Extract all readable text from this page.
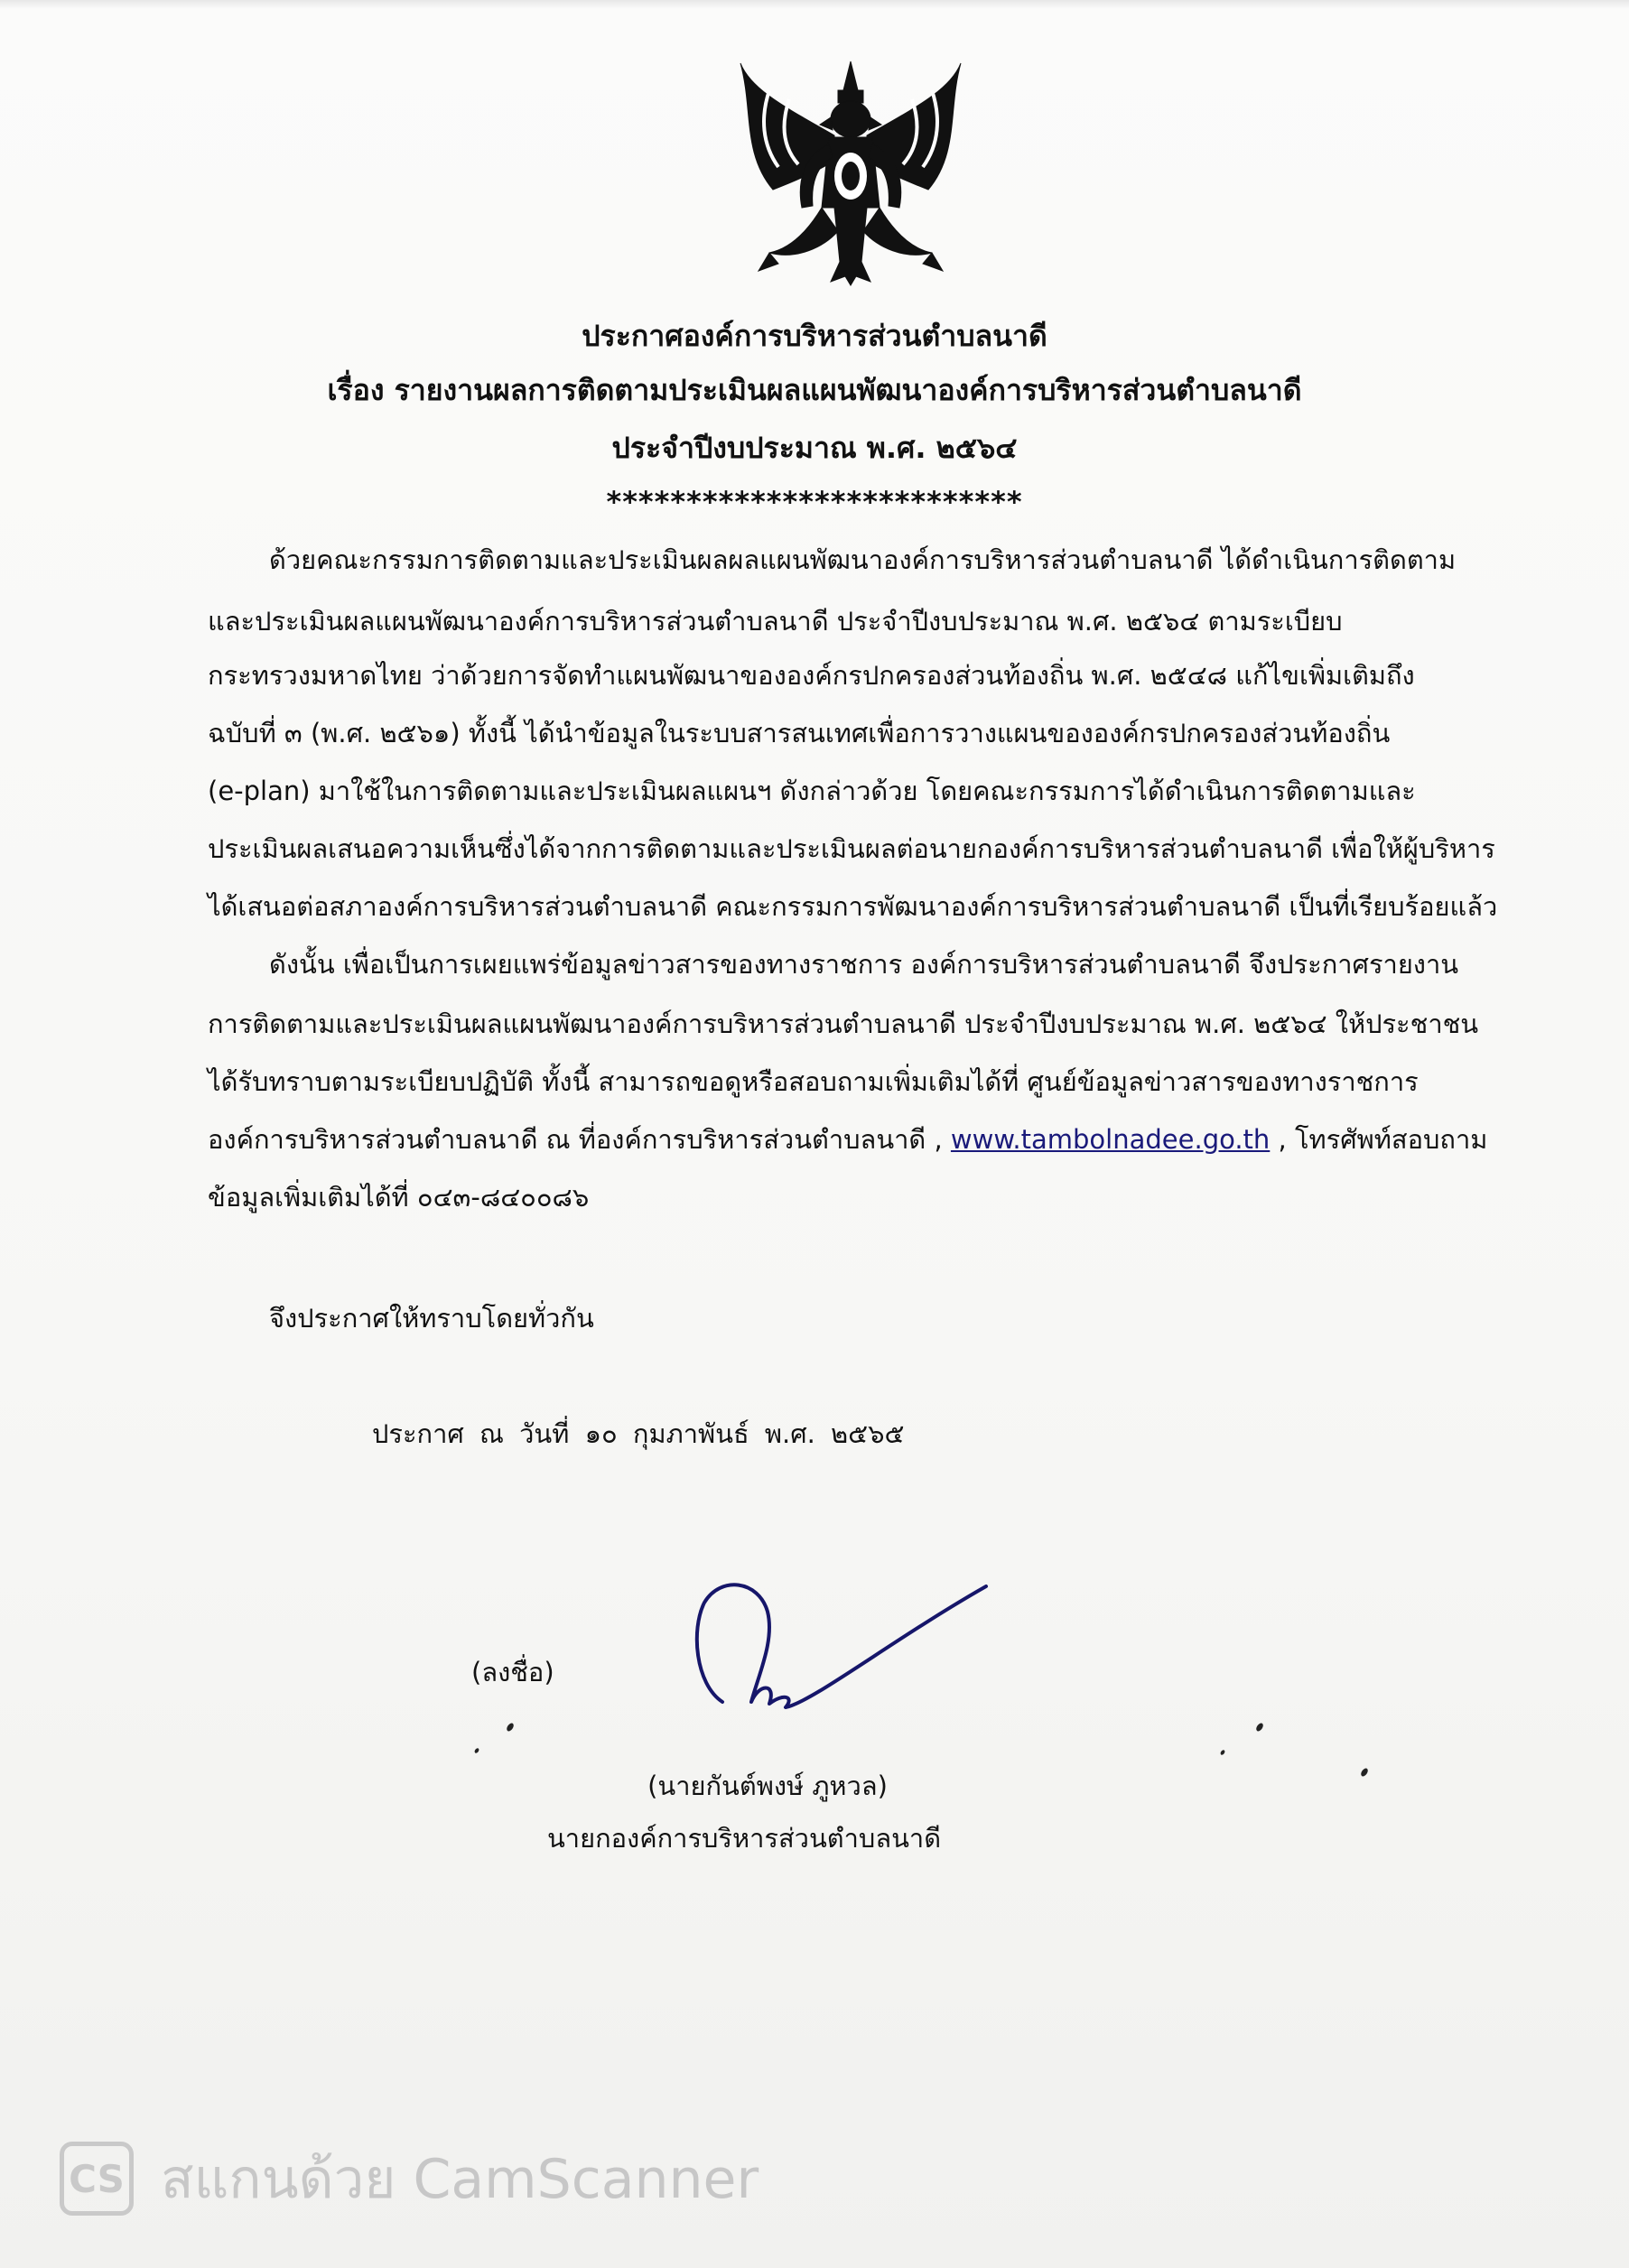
ประกาศองค์การบริหารส่วนตำบลนาดี
เรื่อง รายงานผลการติดตามประเมินผลแผนพัฒนาองค์การบริหารส่วนตำบลนาดี
ประจำปีงบประมาณ พ.ศ. ๒๕๖๔
**************************
ด้วยคณะกรรมการติดตามและประเมินผลผลแผนพัฒนาองค์การบริหารส่วนตำบลนาดี ได้ดำเนินการติดตาม
และประเมินผลแผนพัฒนาองค์การบริหารส่วนตำบลนาดี ประจำปีงบประมาณ พ.ศ. ๒๕๖๔ ตามระเบียบ
กระทรวงมหาดไทย ว่าด้วยการจัดทำแผนพัฒนาขององค์กรปกครองส่วนท้องถิ่น พ.ศ. ๒๕๔๘ แก้ไขเพิ่มเติมถึง
ฉบับที่ ๓ (พ.ศ. ๒๕๖๑) ทั้งนี้ ได้นำข้อมูลในระบบสารสนเทศเพื่อการวางแผนขององค์กรปกครองส่วนท้องถิ่น
(e-plan) มาใช้ในการติดตามและประเมินผลแผนฯ ดังกล่าวด้วย โดยคณะกรรมการได้ดำเนินการติดตามและ
ประเมินผลเสนอความเห็นซึ่งได้จากการติดตามและประเมินผลต่อนายกองค์การบริหารส่วนตำบลนาดี เพื่อให้ผู้บริหาร
ได้เสนอต่อสภาองค์การบริหารส่วนตำบลนาดี คณะกรรมการพัฒนาองค์การบริหารส่วนตำบลนาดี เป็นที่เรียบร้อยแล้ว
ดังนั้น เพื่อเป็นการเผยแพร่ข้อมูลข่าวสารของทางราชการ องค์การบริหารส่วนตำบลนาดี จึงประกาศรายงาน
การติดตามและประเมินผลแผนพัฒนาองค์การบริหารส่วนตำบลนาดี ประจำปีงบประมาณ พ.ศ. ๒๕๖๔ ให้ประชาชน
ได้รับทราบตามระเบียบปฏิบัติ ทั้งนี้ สามารถขอดูหรือสอบถามเพิ่มเติมได้ที่ ศูนย์ข้อมูลข่าวสารของทางราชการ
องค์การบริหารส่วนตำบลนาดี ณ ที่องค์การบริหารส่วนตำบลนาดี , www.tambolnadee.go.th , โทรศัพท์สอบถาม
ข้อมูลเพิ่มเติมได้ที่ ๐๔๓-๘๔๐๐๘๖
จึงประกาศให้ทราบโดยทั่วกัน
ประกาศ ณ วันที่ ๑๐ กุมภาพันธ์ พ.ศ. ๒๕๖๕
(ลงชื่อ)
(นายกันต์พงษ์ ภูหวล)
นายกองค์การบริหารส่วนตำบลนาดี
CS สแกนด้วย CamScanner
